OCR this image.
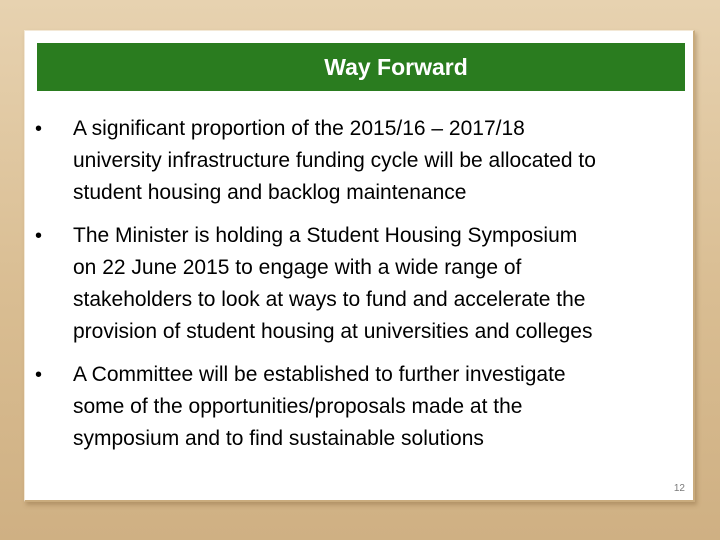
Way Forward
•	A significant proportion of the 2015/16 – 2017/18
university infrastructure funding cycle will be allocated to
student housing and backlog maintenance
•	The Minister is holding a Student Housing Symposium
on 22 June 2015 to engage with a wide range of
stakeholders to look at ways to fund and accelerate the
provision of student housing at universities and colleges
•	A Committee will be established to further investigate
some of the opportunities/proposals made at the
symposium and to find sustainable solutions
12
